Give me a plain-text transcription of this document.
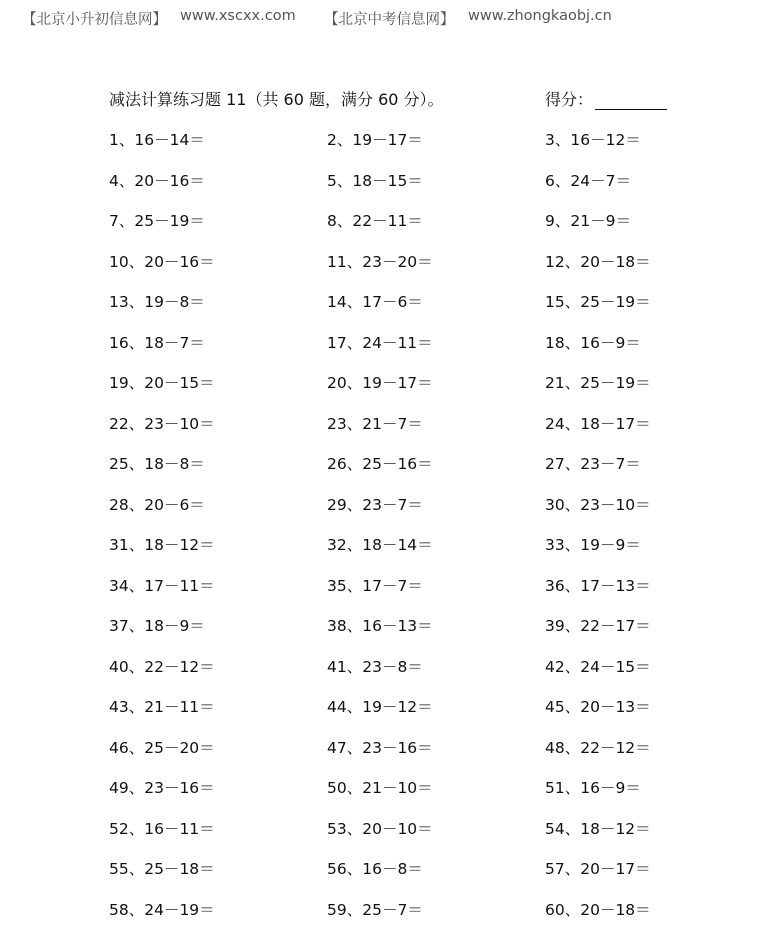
【北京小升初信息网】 www.xscxx.com 【北京中考信息网】 www.zhongkaobj.cn
减法计算练习题 11（共 60 题，满分 60 分）。	得分：
1、16－14＝	2、19－17＝	3、16－12＝
4、20－16＝	5、18－15＝	6、24－7＝
7、25－19＝	8、22－11＝	9、21－9＝
10、20－16＝	11、23－20＝	12、20－18＝
13、19－8＝	14、17－6＝	15、25－19＝
16、18－7＝	17、24－11＝	18、16－9＝
19、20－15＝	20、19－17＝	21、25－19＝
22、23－10＝	23、21－7＝	24、18－17＝
25、18－8＝	26、25－16＝	27、23－7＝
28、20－6＝	29、23－7＝	30、23－10＝
31、18－12＝	32、18－14＝	33、19－9＝
34、17－11＝	35、17－7＝	36、17－13＝
37、18－9＝	38、16－13＝	39、22－17＝
40、22－12＝	41、23－8＝	42、24－15＝
43、21－11＝	44、19－12＝	45、20－13＝
46、25－20＝	47、23－16＝	48、22－12＝
49、23－16＝	50、21－10＝	51、16－9＝
52、16－11＝	53、20－10＝	54、18－12＝
55、25－18＝	56、16－8＝	57、20－17＝
58、24－19＝	59、25－7＝	60、20－18＝
